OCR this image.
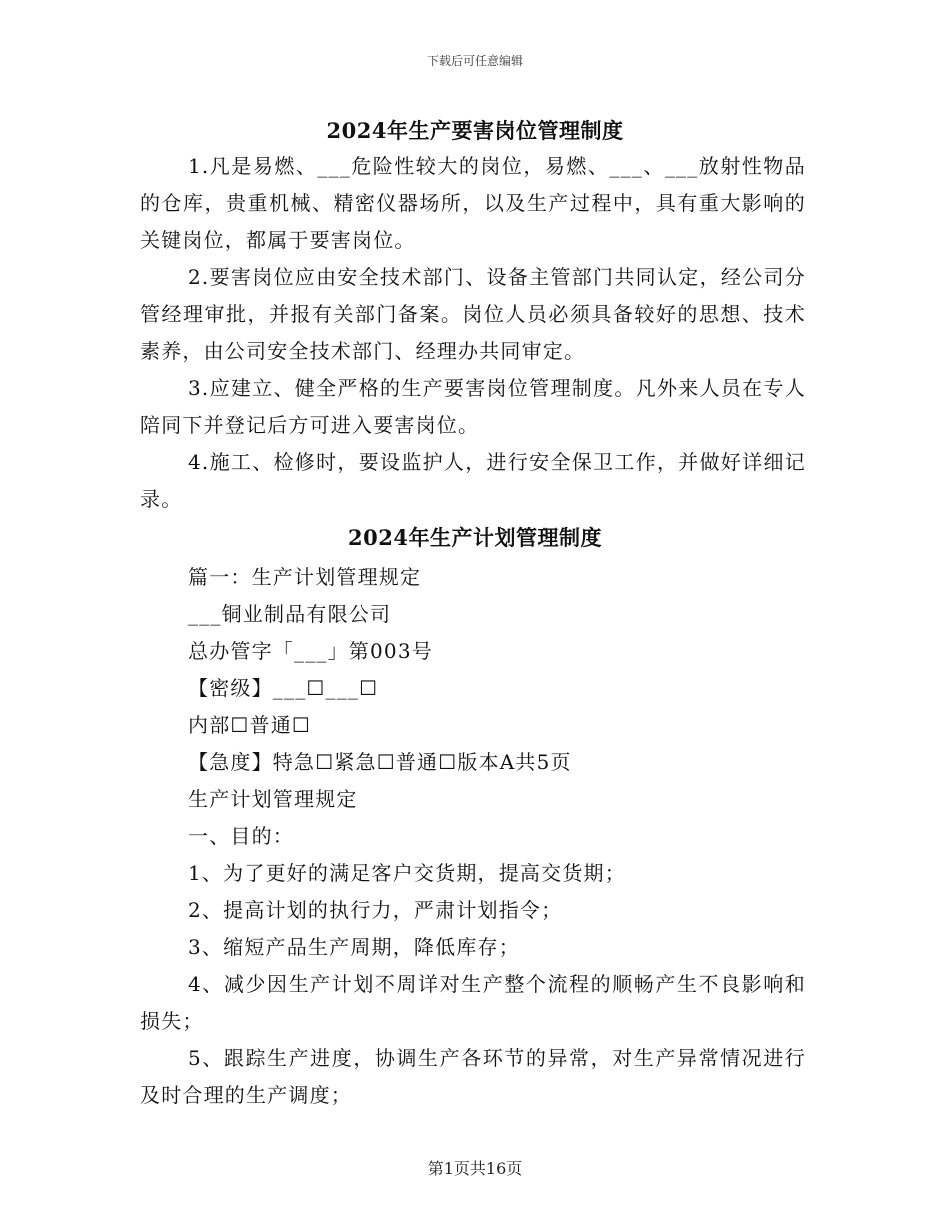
下载后可任意编辑
2024年生产要害岗位管理制度

1.凡是易燃、___危险性较大的岗位，易燃、___、___放射性物品的仓库，贵重机械、精密仪器场所，以及生产过程中，具有重大影响的关键岗位，都属于要害岗位。

2.要害岗位应由安全技术部门、设备主管部门共同认定，经公司分管经理审批，并报有关部门备案。岗位人员必须具备较好的思想、技术素养，由公司安全技术部门、经理办共同审定。

3.应建立、健全严格的生产要害岗位管理制度。凡外来人员在专人陪同下并登记后方可进入要害岗位。

4.施工、检修时，要设监护人，进行安全保卫工作，并做好详细记录。

2024年生产计划管理制度

篇一：生产计划管理规定

___铜业制品有限公司

总办管字「___」第003号

【密级】___☐___☐

内部☐普通☐

【急度】特急☐紧急☐普通☐版本A共5页

生产计划管理规定

一、目的：

1、为了更好的满足客户交货期，提高交货期；

2、提高计划的执行力，严肃计划指令；

3、缩短产品生产周期，降低库存；

4、减少因生产计划不周详对生产整个流程的顺畅产生不良影响和损失；

5、跟踪生产进度，协调生产各环节的异常，对生产异常情况进行及时合理的生产调度；

第1页共16页
